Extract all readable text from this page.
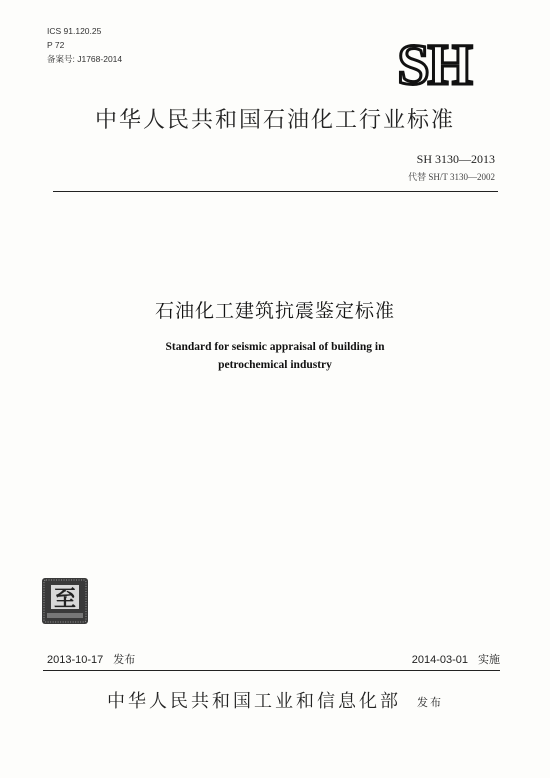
ICS 91.120.25
P 72
备案号: J1768-2014	SH
中华人民共和国石油化工行业标准
SH 3130—2013
代替 SH/T 3130—2002
石油化工建筑抗震鉴定标准
Standard for seismic appraisal of building in
petrochemical industry
至
2013-10-17 发布	2014-03-01 实施
中华人民共和国工业和信息化部 发布
